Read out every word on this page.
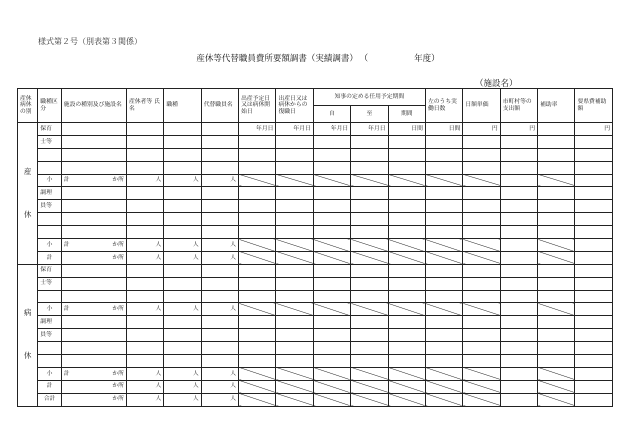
様式第２号（別表第３関係）
産休等代替職員費所要額調書（実績調書） （	年度）
（施設名）
産休病休の別	職種区分	施設の種別及び施設名	産休者等 氏名	職種	代替職員名	出産予定日又は病休開始日	出産日又は病休からの復職日	知事の定める任用予定期間			左のうち実働日数	日額単価	市町村等の支出額	補助率	要県費補助額
								自	至	期間					
産

休	保育					年月日	年月日	年月日	年月日	日間	日間	円	円		円
	士等														

	小	計 か所	人	人	人										
	調理														
	員等														

	小	計 か所	人	人	人										
	計	か所	人	人	人										
病

休	保育														
	士等														

	小	計 か所	人	人	人										
	調理														
	員等														

	小	計 か所	人	人	人										
	計	か所	人	人	人										
	合計	か所	人	人	人										
